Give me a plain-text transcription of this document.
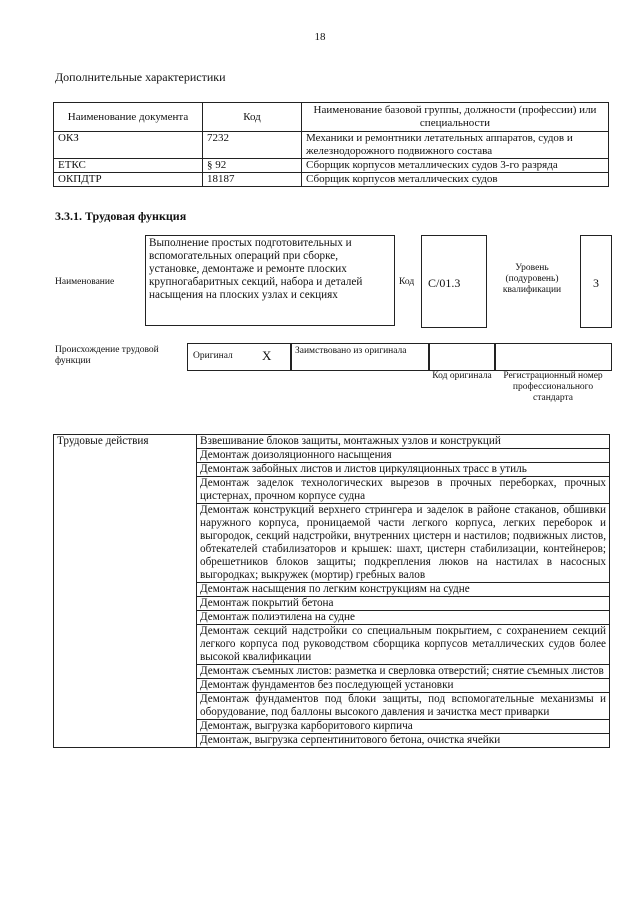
18
Дополнительные характеристики
Наименование документа	Код	Наименование базовой группы, должности (профессии) или специальности
ОКЗ	7232	Механики и ремонтники летательных аппаратов, судов и железнодорожного подвижного состава
ЕТКС	§ 92	Сборщик корпусов металлических судов 3-го разряда
ОКПДТР	18187	Сборщик корпусов металлических судов
3.3.1. Трудовая функция
Наименование
Выполнение простых подготовительных и вспомогательных операций при сборке, установке, демонтаже и ремонте плоских крупногабаритных секций, набора и деталей насыщения на плоских узлах и секциях
Код С/01.3
Уровень (подуровень) квалификации	3
Происхождение трудовой функции	Оригинал X Заимствовано из оригинала
Код оригинала	Регистрационный номер профессионального стандарта
Трудовые действия	Взвешивание блоков защиты, монтажных узлов и конструкций
Демонтаж доизоляционного насыщения
Демонтаж забойных листов и листов циркуляционных трасс в утиль
Демонтаж заделок технологических вырезов в прочных переборках, прочных цистернах, прочном корпусе судна
Демонтаж конструкций верхнего стрингера и заделок в районе стаканов, обшивки наружного корпуса, проницаемой части легкого корпуса, легких переборок и выгородок, секций надстройки, внутренних цистерн и настилов; подвижных листов, обтекателей стабилизаторов и крышек: шахт, цистерн стабилизации, контейнеров; обрешетников блоков защиты; подкрепления люков на настилах в насосных выгородках; выкружек (мортир) гребных валов
Демонтаж насыщения по легким конструкциям на судне
Демонтаж покрытий бетона
Демонтаж полиэтилена на судне
Демонтаж секций надстройки со специальным покрытием, с сохранением секций легкого корпуса под руководством сборщика корпусов металлических судов более высокой квалификации
Демонтаж съемных листов: разметка и сверловка отверстий; снятие съемных листов
Демонтаж фундаментов без последующей установки
Демонтаж фундаментов под блоки защиты, под вспомогательные механизмы и оборудование, под баллоны высокого давления и зачистка мест приварки
Демонтаж, выгрузка карборитового кирпича
Демонтаж, выгрузка серпентинитового бетона, очистка ячейки
